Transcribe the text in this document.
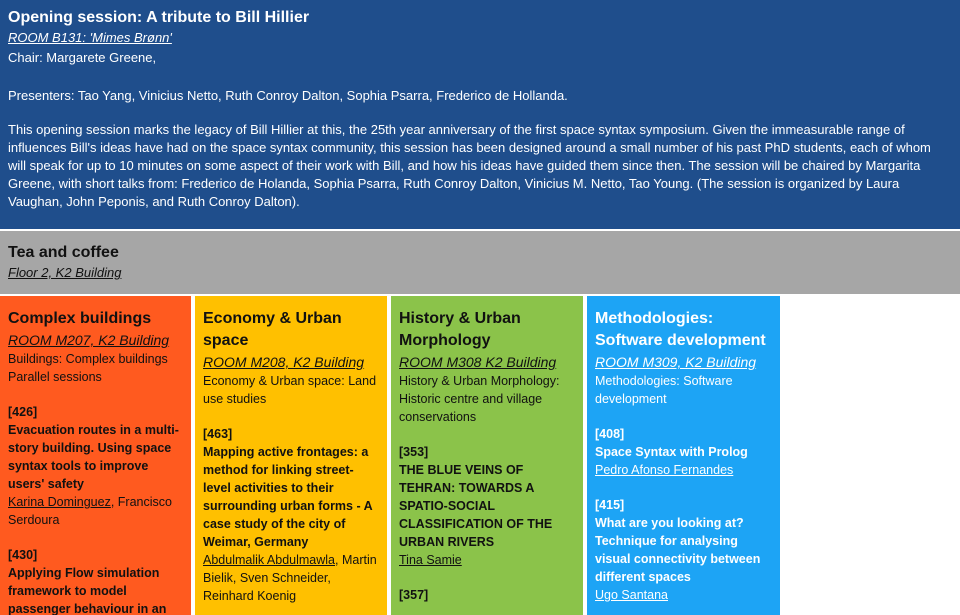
Opening session: A tribute to Bill Hillier
ROOM B131: 'Mimes Brønn'
Chair: Margarete Greene,
Presenters: Tao Yang, Vinicius Netto, Ruth Conroy Dalton, Sophia Psarra, Frederico de Hollanda.
This opening session marks the legacy of Bill Hillier at this, the 25th year anniversary of the first space syntax symposium. Given the immeasurable range of influences Bill's ideas have had on the space syntax community, this session has been designed around a small number of his past PhD students, each of whom will speak for up to 10 minutes on some aspect of their work with Bill, and how his ideas have guided them since then. The session will be chaired by Margarita Greene, with short talks from: Frederico de Holanda, Sophia Psarra, Ruth Conroy Dalton, Vinicius M. Netto, Tao Young. (The session is organized by Laura Vaughan, John Peponis, and Ruth Conroy Dalton).
Tea and coffee
Floor 2, K2 Building
Complex buildings
ROOM M207, K2 Building
Buildings: Complex buildings
Parallel sessions
[426]
Evacuation routes in a multi-story building. Using space syntax tools to improve users' safety
Karina Dominguez, Francisco Serdoura
[430]
Applying Flow simulation framework to model passenger behaviour in an
Economy & Urban space
ROOM M208, K2 Building
Economy & Urban space: Land use studies
[463]
Mapping active frontages: a method for linking street-level activities to their surrounding urban forms - A case study of the city of Weimar, Germany
Abdulmalik Abdulmawla, Martin Bielik, Sven Schneider, Reinhard Koenig
History & Urban Morphology
ROOM M308 K2 Building
History & Urban Morphology: Historic centre and village conservations
[353]
THE BLUE VEINS OF TEHRAN: TOWARDS A SPATIO-SOCIAL CLASSIFICATION OF THE URBAN RIVERS
Tina Samie
[357]
Methodologies: Software development
ROOM M309, K2 Building
Methodologies: Software development
[408]
Space Syntax with Prolog
Pedro Afonso Fernandes
[415]
What are you looking at? Technique for analysing visual connectivity between different spaces
Ugo Santana
